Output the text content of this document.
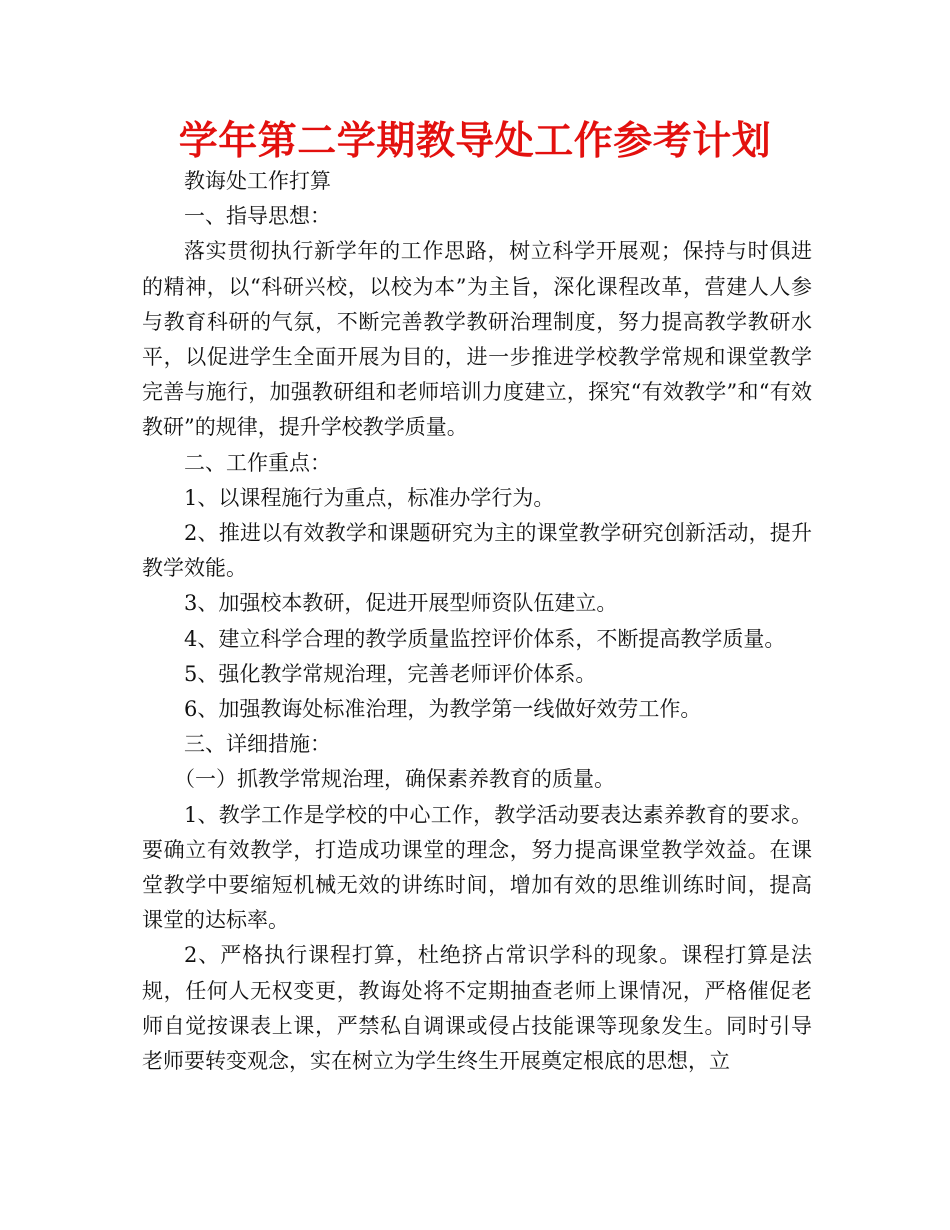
学年第二学期教导处工作参考计划

教诲处工作打算

一、指导思想：

落实贯彻执行新学年的工作思路，树立科学开展观；保持与时俱进的精神，以“科研兴校，以校为本”为主旨，深化课程改革，营建人人参与教育科研的气氛，不断完善教学教研治理制度，努力提高教学教研水平，以促进学生全面开展为目的，进一步推进学校教学常规和课堂教学完善与施行，加强教研组和老师培训力度建立，探究“有效教学”和“有效教研”的规律，提升学校教学质量。

二、工作重点：

1、以课程施行为重点，标准办学行为。

2、推进以有效教学和课题研究为主的课堂教学研究创新活动，提升教学效能。

3、加强校本教研，促进开展型师资队伍建立。

4、建立科学合理的教学质量监控评价体系，不断提高教学质量。

5、强化教学常规治理，完善老师评价体系。

6、加强教诲处标准治理，为教学第一线做好效劳工作。

三、详细措施：

（一）抓教学常规治理，确保素养教育的质量。

1、教学工作是学校的中心工作，教学活动要表达素养教育的要求。要确立有效教学，打造成功课堂的理念，努力提高课堂教学效益。在课堂教学中要缩短机械无效的讲练时间，增加有效的思维训练时间，提高课堂的达标率。

2、严格执行课程打算，杜绝挤占常识学科的现象。课程打算是法规，任何人无权变更，教诲处将不定期抽查老师上课情况，严格催促老师自觉按课表上课，严禁私自调课或侵占技能课等现象发生。同时引导老师要转变观念，实在树立为学生终生开展奠定根底的思想，立
